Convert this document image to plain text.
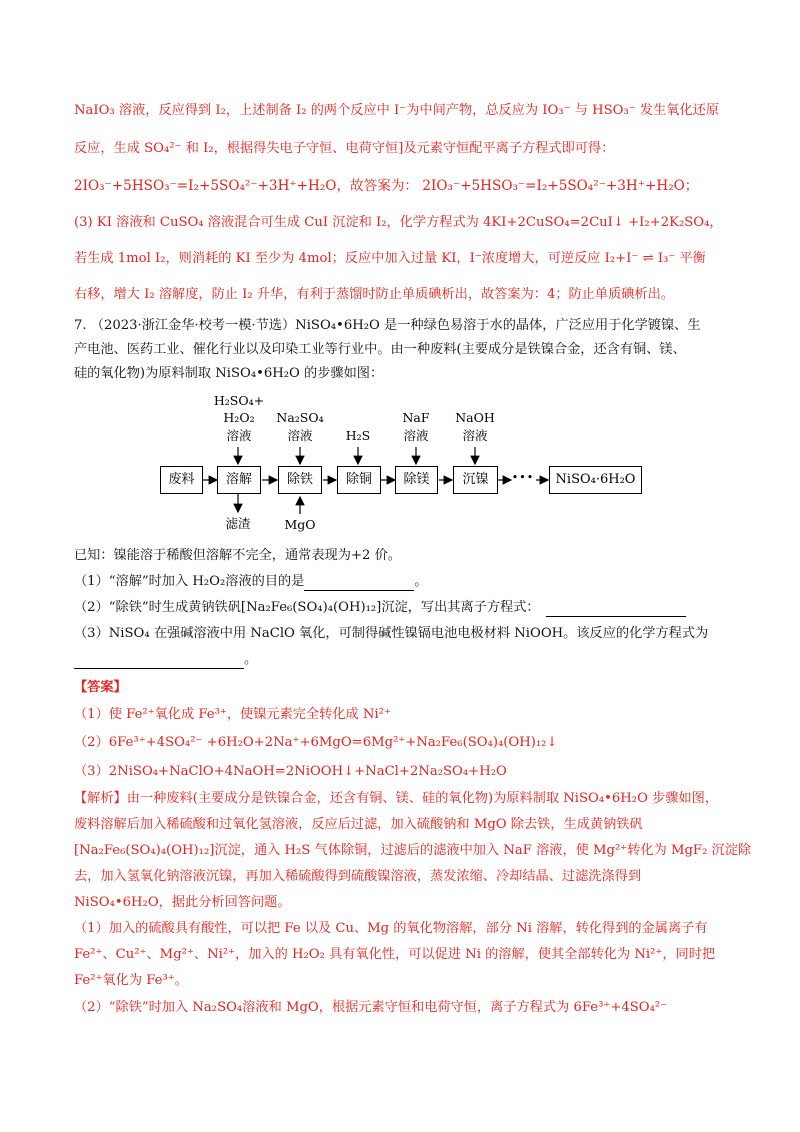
NaIO₃ 溶液，反应得到 I₂，上述制备 I₂ 的两个反应中 I⁻为中间产物，总反应为 IO₃⁻ 与 HSO₃⁻ 发生氧化还原
反应，生成 SO₄²⁻ 和 I₂，根据得失电子守恒、电荷守恒]及元素守恒配平离子方程式即可得：
2IO₃⁻+5HSO₃⁻=I₂+5SO₄²⁻+3H⁺+H₂O，故答案为： 2IO₃⁻+5HSO₃⁻=I₂+5SO₄²⁻+3H⁺+H₂O；
(3) KI 溶液和 CuSO₄ 溶液混合可生成 CuI 沉淀和 I₂，化学方程式为 4KI+2CuSO₄=2CuI↓ +I₂+2K₂SO₄，
若生成 1mol I₂，则消耗的 KI 至少为 4mol；反应中加入过量 KI，I⁻浓度增大，可逆反应 I₂+I⁻ ⇌ I₃⁻ 平衡
右移，增大 I₂ 溶解度，防止 I₂ 升华，有利于蒸馏时防止单质碘析出，故答案为：4；防止单质碘析出。
7. （2023·浙江金华·校考一模·节选）NiSO₄•6H₂O 是一种绿色易溶于水的晶体，广泛应用于化学镀镍、生
产电池、医药工业、催化行业以及印染工业等行业中。由一种废料(主要成分是铁镍合金，还含有铜、镁、
硅的氧化物)为原料制取 NiSO₄•6H₂O 的步骤如图：
废料	溶解	除铁	除铜	除镁	沉镍	•••	NiSO₄·6H₂O
H₂SO₄+
H₂O₂
溶液
Na₂SO₄
溶液	H₂S
NaF
溶液
NaOH
溶液
滤渣	MgO
已知：镍能溶于稀酸但溶解不完全，通常表现为+2 价。
（1）“溶解”时加入 H₂O₂溶液的目的是	。
（2）“除铁”时生成黄钠铁矾[Na₂Fe₆(SO₄)₄(OH)₁₂]沉淀，写出其离子方程式：
（3）NiSO₄ 在强碱溶液中用 NaClO 氧化，可制得碱性镍镉电池电极材料 NiOOH。该反应的化学方程式为
。
【答案】
（1）使 Fe²⁺氧化成 Fe³⁺，使镍元素完全转化成 Ni²⁺
（2）6Fe³⁺+4SO₄²⁻ +6H₂O+2Na⁺+6MgO=6Mg²⁺+Na₂Fe₆(SO₄)₄(OH)₁₂↓
（3）2NiSO₄+NaClO+4NaOH=2NiOOH↓+NaCl+2Na₂SO₄+H₂O
【解析】由一种废料(主要成分是铁镍合金，还含有铜、镁、硅的氧化物)为原料制取 NiSO₄•6H₂O 步骤如图，
废料溶解后加入稀硫酸和过氧化氢溶液，反应后过滤，加入硫酸钠和 MgO 除去铁，生成黄钠铁矾
[Na₂Fe₆(SO₄)₄(OH)₁₂]沉淀，通入 H₂S 气体除铜，过滤后的滤液中加入 NaF 溶液，使 Mg²⁺转化为 MgF₂ 沉淀除
去，加入氢氧化钠溶液沉镍，再加入稀硫酸得到硫酸镍溶液，蒸发浓缩、冷却结晶、过滤洗涤得到
NiSO₄•6H₂O，据此分析回答问题。
（1）加入的硫酸具有酸性，可以把 Fe 以及 Cu、Mg 的氧化物溶解，部分 Ni 溶解，转化得到的金属离子有
Fe²⁺、Cu²⁺、Mg²⁺、Ni²⁺，加入的 H₂O₂ 具有氧化性，可以促进 Ni 的溶解，使其全部转化为 Ni²⁺，同时把
Fe²⁺氧化为 Fe³⁺。
（2）“除铁”时加入 Na₂SO₄溶液和 MgO，根据元素守恒和电荷守恒，离子方程式为 6Fe³⁺+4SO₄²⁻
